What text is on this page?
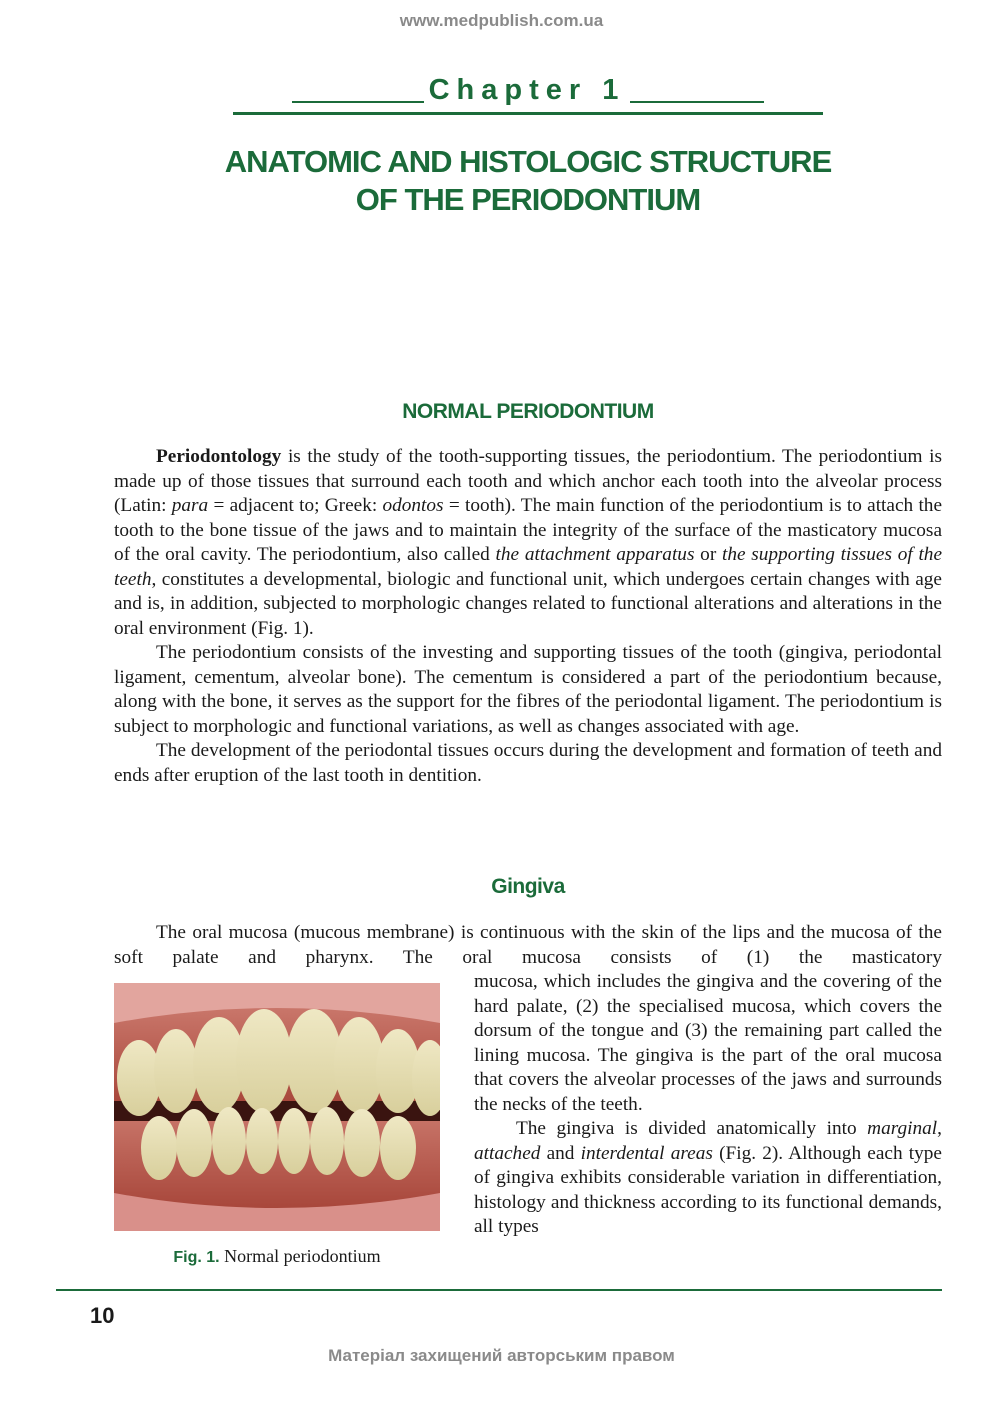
www.medpublish.com.ua
Chapter 1
ANATOMIC AND HISTOLOGIC STRUCTURE
OF THE PERIODONTIUM
NORMAL PERIODONTIUM

Periodontology is the study of the tooth-supporting tissues, the periodontium. The periodontium is made up of those tissues that surround each tooth and which anchor each tooth into the alveolar process (Latin: para = adjacent to; Greek: odontos = tooth). The main function of the periodontium is to attach the tooth to the bone tissue of the jaws and to maintain the integrity of the surface of the masticatory mucosa of the oral cavity. The periodontium, also called the attachment apparatus or the supporting tissues of the teeth, constitutes a developmental, biologic and functional unit, which undergoes certain changes with age and is, in addition, subjected to morphologic changes related to functional alterations and alterations in the oral environment (Fig. 1).

The periodontium consists of the investing and supporting tissues of the tooth (gingiva, periodontal ligament, cementum, alveolar bone). The cementum is considered a part of the periodontium because, along with the bone, it serves as the support for the fibres of the periodontal ligament. The periodontium is subject to morphologic and functional variations, as well as changes associated with age.

The development of the periodontal tissues occurs during the development and formation of teeth and ends after eruption of the last tooth in dentition.

Gingiva

The oral mucosa (mucous membrane) is continuous with the skin of the lips and the mucosa of the soft palate and pharynx. The oral mucosa consists of (1) the masticatory

Fig. 1. Normal periodontium

mucosa, which includes the gingiva and the covering of the hard palate, (2) the specialised mucosa, which covers the dorsum of the tongue and (3) the remaining part called the lining mucosa. The gingiva is the part of the oral mucosa that covers the alveolar processes of the jaws and surrounds the necks of the teeth.

The gingiva is divided anatomically into marginal, attached and interdental areas (Fig. 2). Although each type of gingiva exhibits considerable variation in differentiation, histology and thickness according to its functional demands, all types

10
Матеріал захищений авторським правом
